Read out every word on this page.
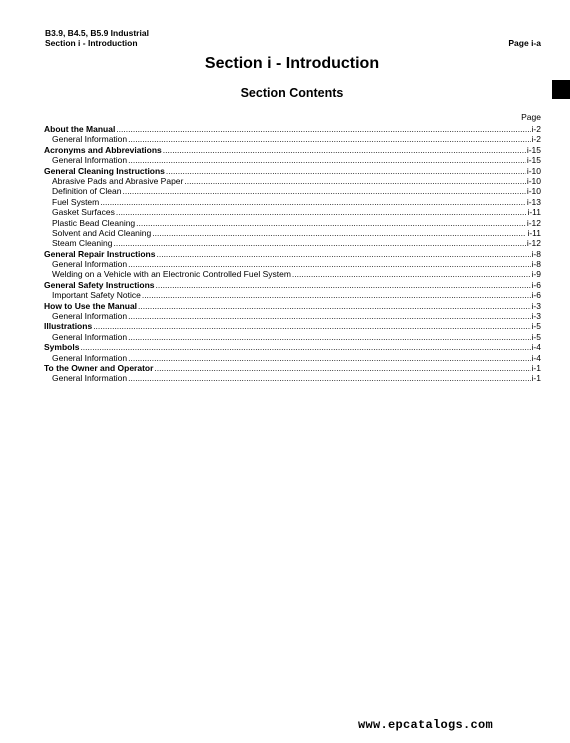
B3.9, B4.5, B5.9 Industrial
Section i - Introduction	Page i-a
Section i - Introduction
Section Contents
Page
About the Manual .....	i-2
General Information .....	i-2
Acronyms and Abbreviations .....	i-15
General Information .....	i-15
General Cleaning Instructions .....	i-10
Abrasive Pads and Abrasive Paper .....	i-10
Definition of Clean .....	i-10
Fuel System .....	i-13
Gasket Surfaces .....	i-11
Plastic Bead Cleaning .....	i-12
Solvent and Acid Cleaning .....	i-11
Steam Cleaning .....	i-12
General Repair Instructions .....	i-8
General Information .....	i-8
Welding on a Vehicle with an Electronic Controlled Fuel System .....	i-9
General Safety Instructions .....	i-6
Important Safety Notice .....	i-6
How to Use the Manual .....	i-3
General Information .....	i-3
Illustrations .....	i-5
General Information .....	i-5
Symbols .....	i-4
General Information .....	i-4
To the Owner and Operator .....	i-1
General Information .....	i-1
www.epcatalogs.com
